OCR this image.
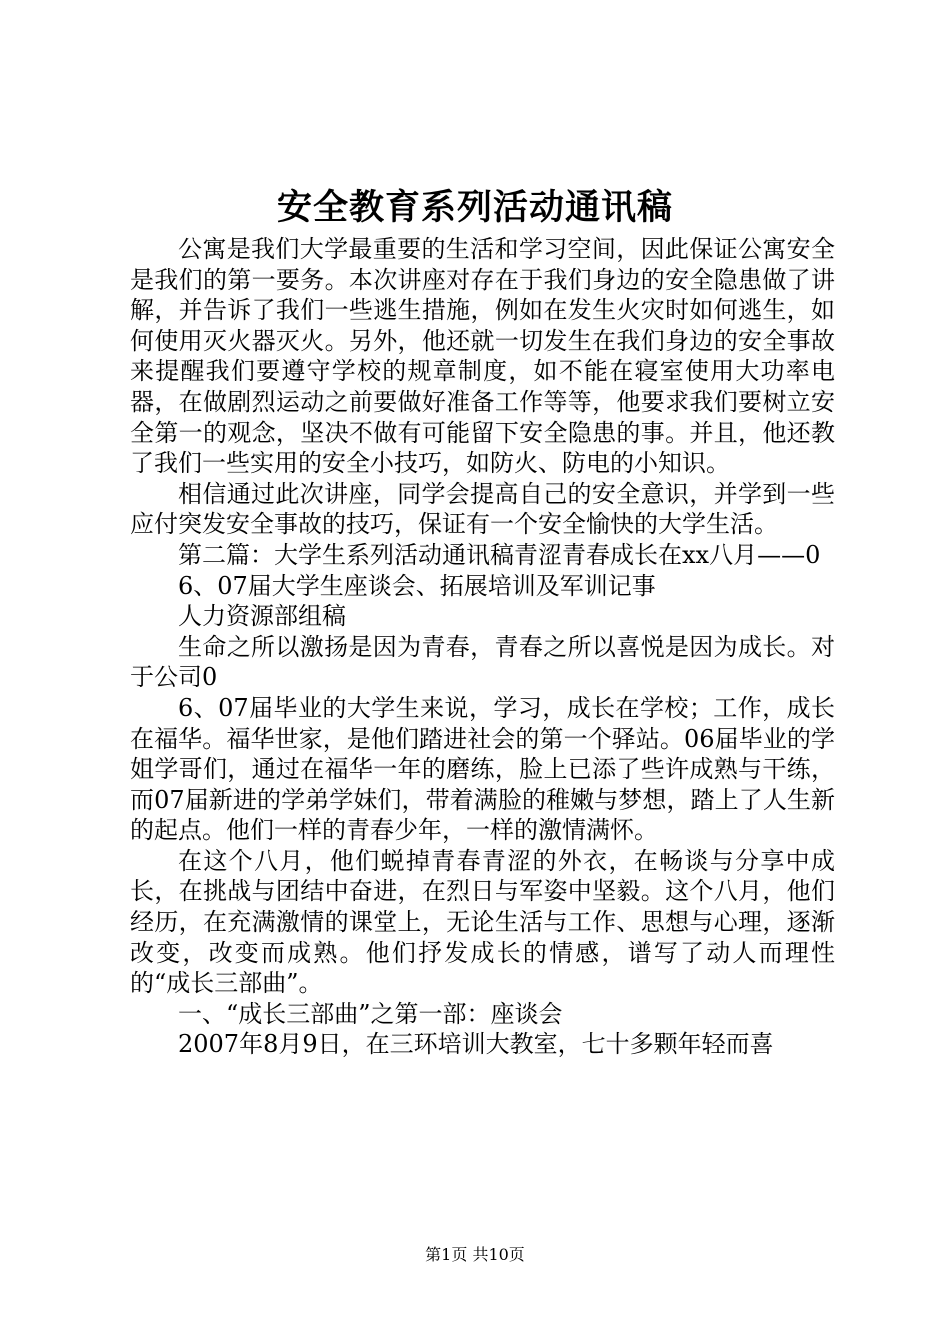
安全教育系列活动通讯稿

公寓是我们大学最重要的生活和学习空间，因此保证公寓安全是我们的第一要务。本次讲座对存在于我们身边的安全隐患做了讲解，并告诉了我们一些逃生措施，例如在发生火灾时如何逃生，如何使用灭火器灭火。另外，他还就一切发生在我们身边的安全事故来提醒我们要遵守学校的规章制度，如不能在寝室使用大功率电器，在做剧烈运动之前要做好准备工作等等，他要求我们要树立安全第一的观念，坚决不做有可能留下安全隐患的事。并且，他还教了我们一些实用的安全小技巧，如防火、防电的小知识。

相信通过此次讲座，同学会提高自己的安全意识，并学到一些应付突发安全事故的技巧，保证有一个安全愉快的大学生活。

第二篇：大学生系列活动通讯稿青涩青春成长在xx八月——0

6、07届大学生座谈会、拓展培训及军训记事

人力资源部组稿

生命之所以激扬是因为青春，青春之所以喜悦是因为成长。对于公司0

6、07届毕业的大学生来说，学习，成长在学校；工作，成长在福华。福华世家，是他们踏进社会的第一个驿站。06届毕业的学姐学哥们，通过在福华一年的磨练，脸上已添了些许成熟与干练，而07届新进的学弟学妹们，带着满脸的稚嫩与梦想，踏上了人生新的起点。他们一样的青春少年，一样的激情满怀。

在这个八月，他们蜕掉青春青涩的外衣，在畅谈与分享中成长，在挑战与团结中奋进，在烈日与军姿中坚毅。这个八月，他们经历，在充满激情的课堂上，无论生活与工作、思想与心理，逐渐改变，改变而成熟。他们抒发成长的情感，谱写了动人而理性的“成长三部曲”。

一、“成长三部曲”之第一部：座谈会

2007年8月9日，在三环培训大教室，七十多颗年轻而喜

第1页 共10页
